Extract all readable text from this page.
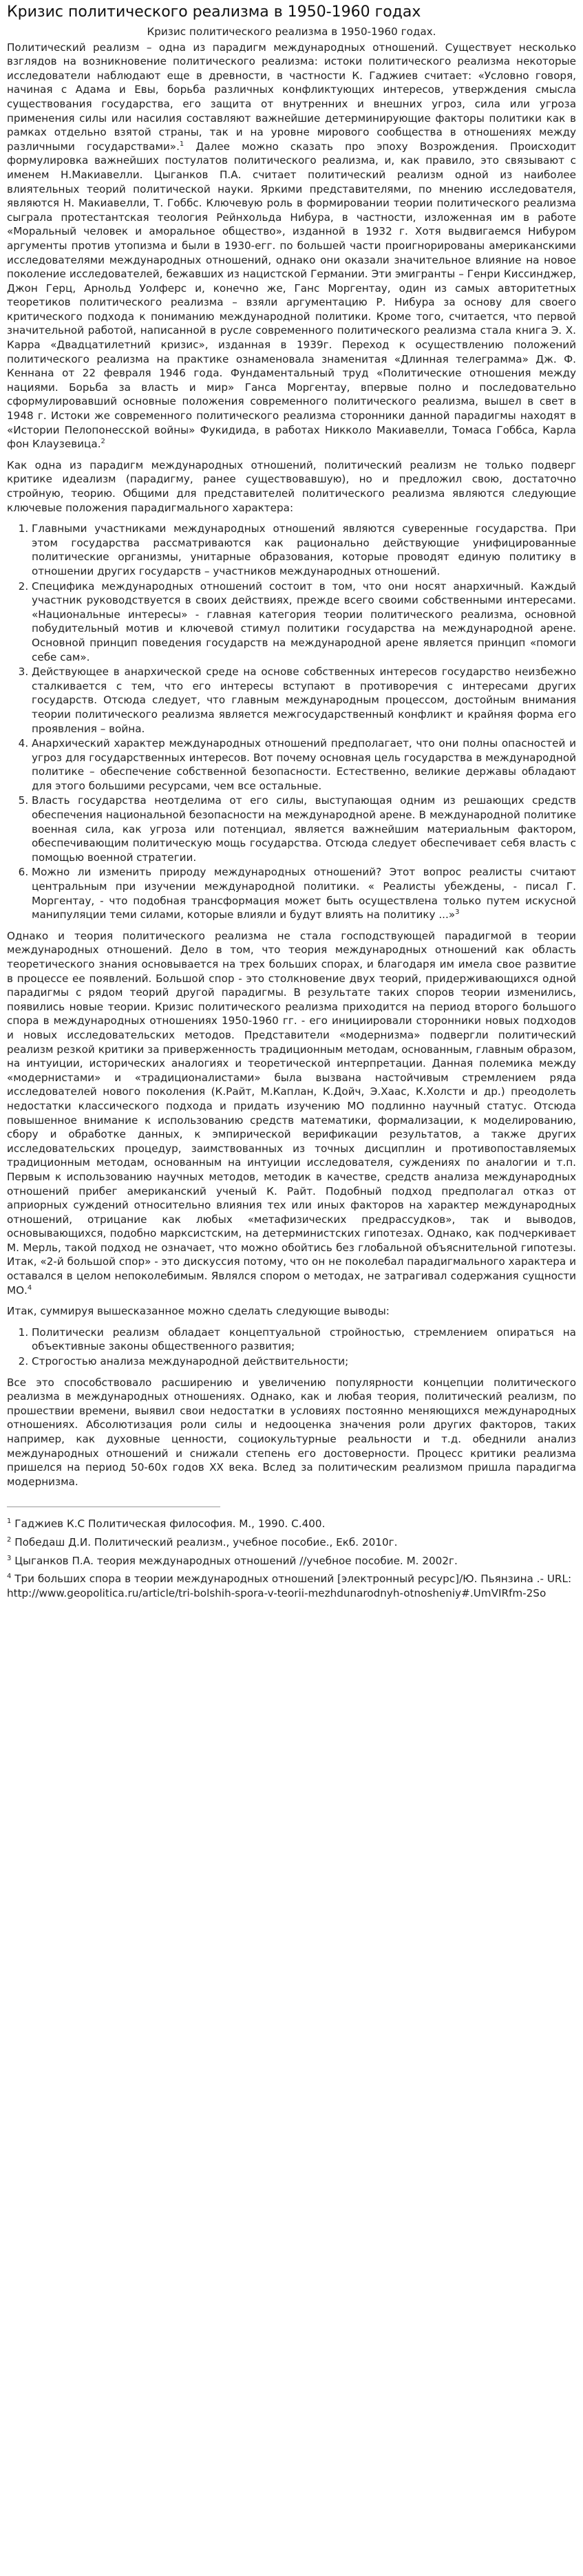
Кризис политического реализма в 1950-1960 годах

Кризис политического реализма в 1950-1960 годах.

Политический реализм – одна из парадигм международных отношений. Существует несколько взглядов на возникновение политического реализма: истоки политического реализма некоторые исследователи наблюдают еще в древности, в частности К. Гаджиев считает: «Условно говоря, начиная с Адама и Евы, борьба различных конфликтующих интересов, утверждения смысла существования государства, его защита от внутренних и внешних угроз, сила или угроза применения силы или насилия составляют важнейшие детерминирующие факторы политики как в рамках отдельно взятой страны, так и на уровне мирового сообщества в отношениях между различными государствами».$^1$ Далее можно сказать про эпоху Возрождения. Происходит формулировка важнейших постулатов политического реализма, и, как правило, это связывают с именем Н.Макиавелли. Цыганков П.А. считает политический реализм одной из наиболее влиятельных теорий политической науки. Яркими представителями, по мнению исследователя, являются Н. Макиавелли, Т. Гоббс. Ключевую роль в формировании теории политического реализма сыграла протестантская теология Рейнхольда Нибура, в частности, изложенная им в работе «Моральный человек и аморальное общество», изданной в 1932 г. Хотя выдвигаемся Нибуром аргументы против утопизма и были в 1930-егг. по большей части проигнорированы американскими исследователями международных отношений, однако они оказали значительное влияние на новое поколение исследователей, бежавших из нацистской Германии. Эти эмигранты – Генри Киссинджер, Джон Герц, Арнольд Уолферс и, конечно же, Ганс Моргентау, один из самых авторитетных теоретиков политического реализма – взяли аргументацию Р. Нибура за основу для своего критического подхода к пониманию международной политики. Кроме того, считается, что первой значительной работой, написанной в русле современного политического реализма стала книга Э. Х. Карра «Двадцатилетний кризис», изданная в 1939г. Переход к осуществлению положений политического реализма на практике ознаменовала знаменитая «Длинная телеграмма» Дж. Ф. Кеннана от 22 февраля 1946 года. Фундаментальный труд «Политические отношения между нациями. Борьба за власть и мир» Ганса Моргентау, впервые полно и последовательно сформулировавший основные положения современного политического реализма, вышел в свет в 1948 г. Истоки же современного политического реализма сторонники данной парадигмы находят в «Истории Пелопонесской войны» Фукидида, в работах Никколо Макиавелли, Томаса Гоббса, Карла фон Клаузевица.$^2$

Как одна из парадигм международных отношений, политический реализм не только подверг критике идеализм (парадигму, ранее существовавшую), но и предложил свою, достаточно стройную, теорию. Общими для представителей политического реализма являются следующие ключевые положения парадигмального характера:

1. Главными участниками международных отношений являются суверенные государства. При этом государства рассматриваются как рационально действующие унифицированные политические организмы, унитарные образования, которые проводят единую политику в отношении других государств – участников международных отношений.
2. Специфика международных отношений состоит в том, что они носят анархичный. Каждый участник руководствуется в своих действиях, прежде всего своими собственными интересами. «Национальные интересы» - главная категория теории политического реализма, основной побудительный мотив и ключевой стимул политики государства на международной арене. Основной принцип поведения государств на международной арене является принцип «помоги себе сам».
3. Действующее в анархической среде на основе собственных интересов государство неизбежно сталкивается с тем, что его интересы вступают в противоречия с интересами других государств. Отсюда следует, что главным международным процессом, достойным внимания теории политического реализма является межгосударственный конфликт и крайняя форма его проявления – война.
4. Анархический характер международных отношений предполагает, что они полны опасностей и угроз для государственных интересов. Вот почему основная цель государства в международной политике – обеспечение собственной безопасности. Естественно, великие державы обладают для этого большими ресурсами, чем все остальные.
5. Власть государства неотделима от его силы, выступающая одним из решающих средств обеспечения национальной безопасности на международной арене. В международной политике военная сила, как угроза или потенциал, является важнейшим материальным фактором, обеспечивающим политическую мощь государства. Отсюда следует обеспечивает себя власть с помощью военной стратегии.
6. Можно ли изменить природу международных отношений? Этот вопрос реалисты считают центральным при изучении международной политики. « Реалисты убеждены, - писал Г. Моргентау, - что подобная трансформация может быть осуществлена только путем искусной манипуляции теми силами, которые влияли и будут влиять на политику ...»$^3$

Однако и теория политического реализма не стала господствующей парадигмой в теории международных отношений. Дело в том, что теория международных отношений как область теоретического знания основывается на трех больших спорах, и благодаря им имела свое развитие в процессе ее появлений. Большой спор - это столкновение двух теорий, придерживающихся одной парадигмы с рядом теорий другой парадигмы. В результате таких споров теории изменились, появились новые теории. Кризис политического реализма приходится на период второго большого спора в международных отношениях 1950-1960 гг. - его инициировали сторонники новых подходов и новых исследовательских методов. Представители «модернизма» подвергли политический реализм резкой критики за приверженность традиционным методам, основанным, главным образом, на интуиции, исторических аналогиях и теоретической интерпретации. Данная полемика между «модернистами» и «традиционалистами» была вызвана настойчивым стремлением ряда исследователей нового поколения (К.Райт, М.Каплан, К.Дойч, Э.Хаас, К.Холсти и др.) преодолеть недостатки классического подхода и придать изучению МО подлинно научный статус. Отсюда повышенное внимание к использованию средств математики, формализации, к моделированию, сбору и обработке данных, к эмпирической верификации результатов, а также других исследовательских процедур, заимствованных из точных дисциплин и противопоставляемых традиционным методам, основанным на интуиции исследователя, суждениях по аналогии и т.п. Первым к использованию научных методов, методик в качестве, средств анализа международных отношений прибег американский ученый К. Райт. Подобный подход предполагал отказ от априорных суждений относительно влияния тех или иных факторов на характер международных отношений, отрицание как любых «метафизических предрассудков», так и выводов, основывающихся, подобно марксистским, на детерминистских гипотезах. Однако, как подчеркивает М. Мерль, такой подход не означает, что можно обойтись без глобальной объяснительной гипотезы. Итак, «2-й большой спор» - это дискуссия потому, что он не поколебал парадигмального характера и оставался в целом непоколебимым. Являлся спором о методах, не затрагивал содержания сущности МО.$^4$

Итак, суммируя вышесказанное можно сделать следующие выводы:

1. Политически реализм обладает концептуальной стройностью, стремлением опираться на объективные законы общественного развития;
2. Строгостью анализа международной действительности;

Все это способствовало расширению и увеличению популярности концепции политического реализма в международных отношениях. Однако, как и любая теория, политический реализм, по прошествии времени, выявил свои недостатки в условиях постоянно меняющихся международных отношениях. Абсолютизация роли силы и недооценка значения роли других факторов, таких например, как духовные ценности, социокультурные реальности и т.д. обеднили анализ международных отношений и снижали степень его достоверности. Процесс критики реализма пришелся на период 50-60х годов XX века. Вслед за политическим реализмом пришла парадигма модернизма.

$^1$ Гаджиев К.С Политическая философия. М., 1990. С.400.

$^2$ Победаш Д.И. Политический реализм., учебное пособие., Екб. 2010г.

$^3$ Цыганков П.А. теория международных отношений //учебное пособие. М. 2002г.

$^4$ Три больших спора в теории международных отношений [электронный ресурс]/Ю. Пьянзина .- URL: http://www.geopolitica.ru/article/tri-bolshih-spora-v-teorii-mezhdunarodnyh-otnosheniy#.UmVIRfm-2So
